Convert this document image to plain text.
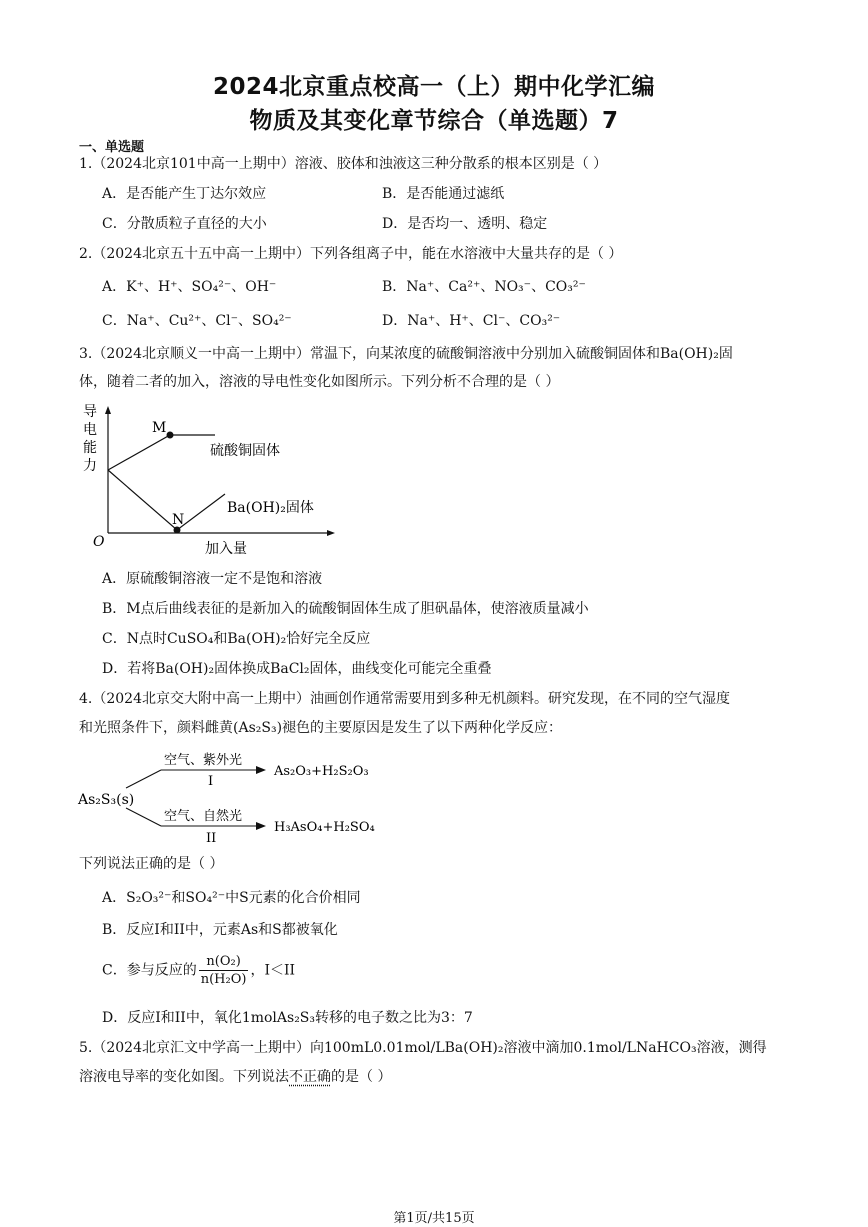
2024北京重点校高一（上）期中化学汇编
物质及其变化章节综合（单选题）7
一、单选题
1.（2024北京101中高一上期中）溶液、胶体和浊液这三种分散系的根本区别是（ ）
A．是否能产生丁达尔效应	B．是否能通过滤纸
C．分散质粒子直径的大小	D．是否均一、透明、稳定
2.（2024北京五十五中高一上期中）下列各组离子中，能在水溶液中大量共存的是（ ）
A．K⁺、H⁺、SO₄²⁻、OH⁻	B．Na⁺、Ca²⁺、NO₃⁻、CO₃²⁻
C．Na⁺、Cu²⁺、Cl⁻、SO₄²⁻	D．Na⁺、H⁺、Cl⁻、CO₃²⁻
3.（2024北京顺义一中高一上期中）常温下，向某浓度的硫酸铜溶液中分别加入硫酸铜固体和Ba(OH)₂固
体，随着二者的加入，溶液的导电性变化如图所示。下列分析不合理的是（ ）
导
电
能
力
O	加入量
M
N
硫酸铜固体
Ba(OH)₂固体
A．原硫酸铜溶液一定不是饱和溶液
B．M点后曲线表征的是新加入的硫酸铜固体生成了胆矾晶体，使溶液质量减小
C．N点时CuSO₄和Ba(OH)₂恰好完全反应
D．若将Ba(OH)₂固体换成BaCl₂固体，曲线变化可能完全重叠
4.（2024北京交大附中高一上期中）油画创作通常需要用到多种无机颜料。研究发现，在不同的空气湿度
和光照条件下，颜料雌黄(As₂S₃)褪色的主要原因是发生了以下两种化学反应：
As₂S₃(s)
空气、紫外光
I
As₂O₃+H₂S₂O₃
空气、自然光
II
H₃AsO₄+H₂SO₄
下列说法正确的是（ ）
A．S₂O₃²⁻和SO₄²⁻中S元素的化合价相同
B．反应I和II中，元素As和S都被氧化
C．参与反应的 $\frac{\text{n(O₂)}}{\text{n(H₂O)}}$ ，I＜II
D．反应I和II中，氧化1molAs₂S₃转移的电子数之比为3：7
5.（2024北京汇文中学高一上期中）向100mL0.01mol/LBa(OH)₂溶液中滴加0.1mol/LNaHCO₃溶液，测得
溶液电导率的变化如图。下列说法不正确的是（ ）
第1页/共15页
